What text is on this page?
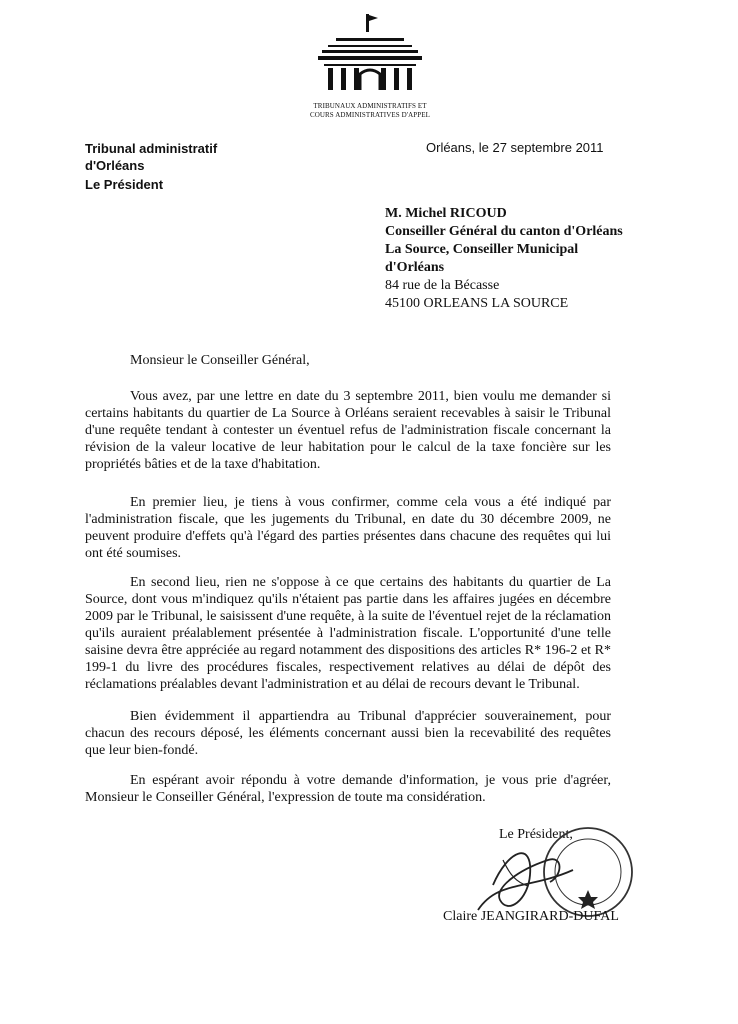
TRIBUNAUX ADMINISTRATIFS ET
COURS ADMINISTRATIVES D'APPEL
Tribunal administratif
d'Orléans
Le Président
Orléans, le 27 septembre 2011
M. Michel RICOUD
Conseiller Général du canton d'Orléans
La Source, Conseiller Municipal
d'Orléans
84 rue de la Bécasse
45100 ORLEANS LA SOURCE
Monsieur le Conseiller Général,
Vous avez, par une lettre en date du 3 septembre 2011, bien voulu me demander si certains habitants du quartier de La Source à Orléans seraient recevables à saisir le Tribunal d'une requête tendant à contester un éventuel refus de l'administration fiscale concernant la révision de la valeur locative de leur habitation pour le calcul de la taxe foncière sur les propriétés bâties et de la taxe d'habitation.
En premier lieu, je tiens à vous confirmer, comme cela vous a été indiqué par l'administration fiscale, que les jugements du Tribunal, en date du 30 décembre 2009, ne peuvent produire d'effets qu'à l'égard des parties présentes dans chacune des requêtes qui lui ont été soumises.
En second lieu, rien ne s'oppose à ce que certains des habitants du quartier de La Source, dont vous m'indiquez qu'ils n'étaient pas partie dans les affaires jugées en décembre 2009 par le Tribunal, le saisissent d'une requête, à la suite de l'éventuel rejet de la réclamation qu'ils auraient préalablement présentée à l'administration fiscale. L'opportunité d'une telle saisine devra être appréciée au regard notamment des dispositions des articles R* 196-2 et R* 199-1 du livre des procédures fiscales, respectivement relatives au délai de dépôt des réclamations préalables devant l'administration et au délai de recours devant le Tribunal.
Bien évidemment il appartiendra au Tribunal d'apprécier souverainement, pour chacun des recours déposé, les éléments concernant aussi bien la recevabilité des requêtes que leur bien-fondé.
En espérant avoir répondu à votre demande d'information, je vous prie d'agréer, Monsieur le Conseiller Général, l'expression de toute ma considération.
Le Président,
Claire JEANGIRARD-DUFAL
